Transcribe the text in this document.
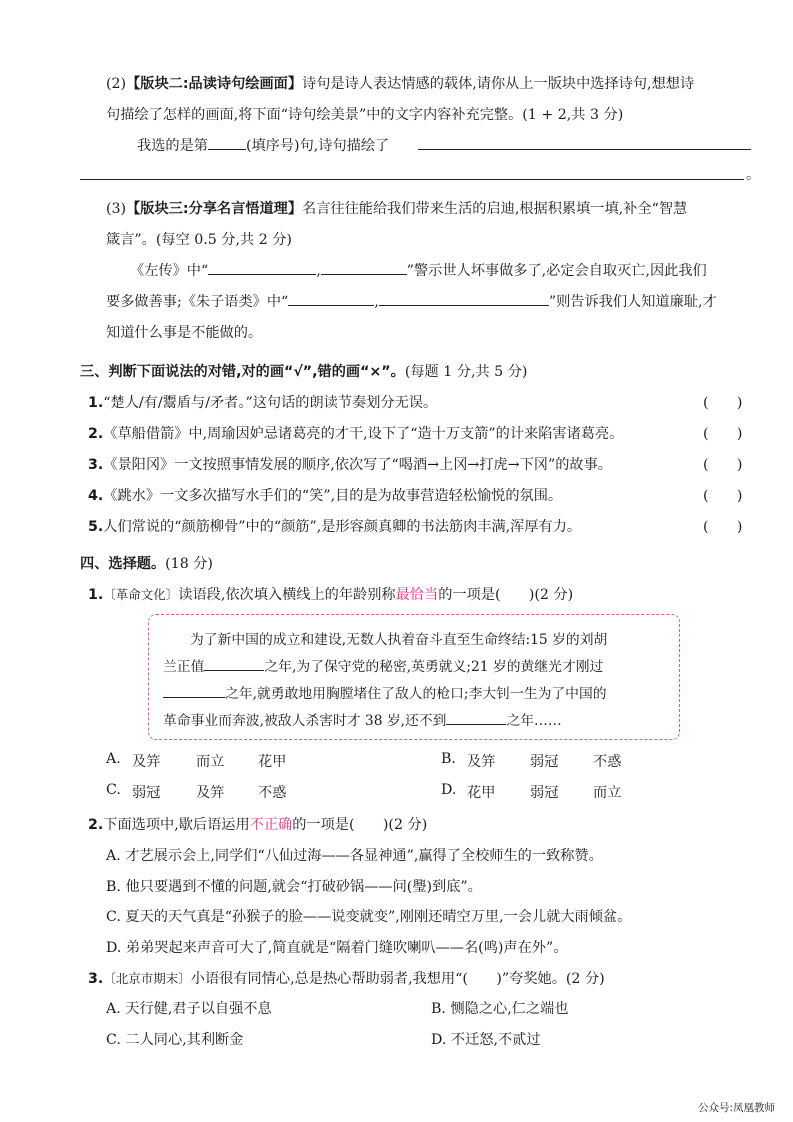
(2)【版块二:品读诗句绘画面】诗句是诗人表达情感的载体,请你从上一版块中选择诗句,想想诗
句描绘了怎样的画面,将下面“诗句绘美景”中的文字内容补充完整。(1 + 2,共 3 分)
我选的是第	(填序号)句,诗句描绘了
。
(3)【版块三:分享名言悟道理】名言往往能给我们带来生活的启迪,根据积累填一填,补全“智慧
箴言”。(每空 0.5 分,共 2 分)
《左传》中“	,	”警示世人坏事做多了,必定会自取灭亡,因此我们
要多做善事;《朱子语类》中“	,	”则告诉我们人知道廉耻,才
知道什么事是不能做的。
三、判断下面说法的对错,对的画“√”,错的画“×”。(每题 1 分,共 5 分)
1.“楚人/有/鬻盾与/矛者。”这句话的朗读节奏划分无误。	(　　)
2.《草船借箭》中,周瑜因妒忌诸葛亮的才干,设下了“造十万支箭”的计来陷害诸葛亮。	(　　)
3.《景阳冈》一文按照事情发展的顺序,依次写了“喝酒→上冈→打虎→下冈”的故事。	(　　)
4.《跳水》一文多次描写水手们的“笑”,目的是为故事营造轻松愉悦的氛围。	(　　)
5.人们常说的“颜筋柳骨”中的“颜筋”,是形容颜真卿的书法筋肉丰满,浑厚有力。	(　　)
四、选择题。(18 分)
1.〔革命文化〕读语段,依次填入横线上的年龄别称最恰当的一项是(　　)(2 分)
为了新中国的成立和建设,无数人执着奋斗直至生命终结:15 岁的刘胡
兰正值	之年,为了保守党的秘密,英勇就义;21 岁的黄继光才刚过
之年,就勇敢地用胸膛堵住了敌人的枪口;李大钊一生为了中国的
革命事业而奔波,被敌人杀害时才 38 岁,还不到	之年……
A. 及笄	而立 花甲	B. 及笄 弱冠 不惑
C. 弱冠	及笄 不惑	D. 花甲 弱冠 而立
2.下面选项中,歇后语运用不正确的一项是(　　)(2 分)
A. 才艺展示会上,同学们“八仙过海——各显神通”,赢得了全校师生的一致称赞。
B. 他只要遇到不懂的问题,就会“打破砂锅——问(璺)到底”。
C. 夏天的天气真是“孙猴子的脸——说变就变”,刚刚还晴空万里,一会儿就大雨倾盆。
D. 弟弟哭起来声音可大了,简直就是“隔着门缝吹喇叭——名(鸣)声在外”。
3.〔北京市期末〕小语很有同情心,总是热心帮助弱者,我想用“(　　)”夸奖她。(2 分)
A. 天行健,君子以自强不息	B. 恻隐之心,仁之端也
C. 二人同心,其利断金	D. 不迁怒,不贰过
公众号:凤凰教师
